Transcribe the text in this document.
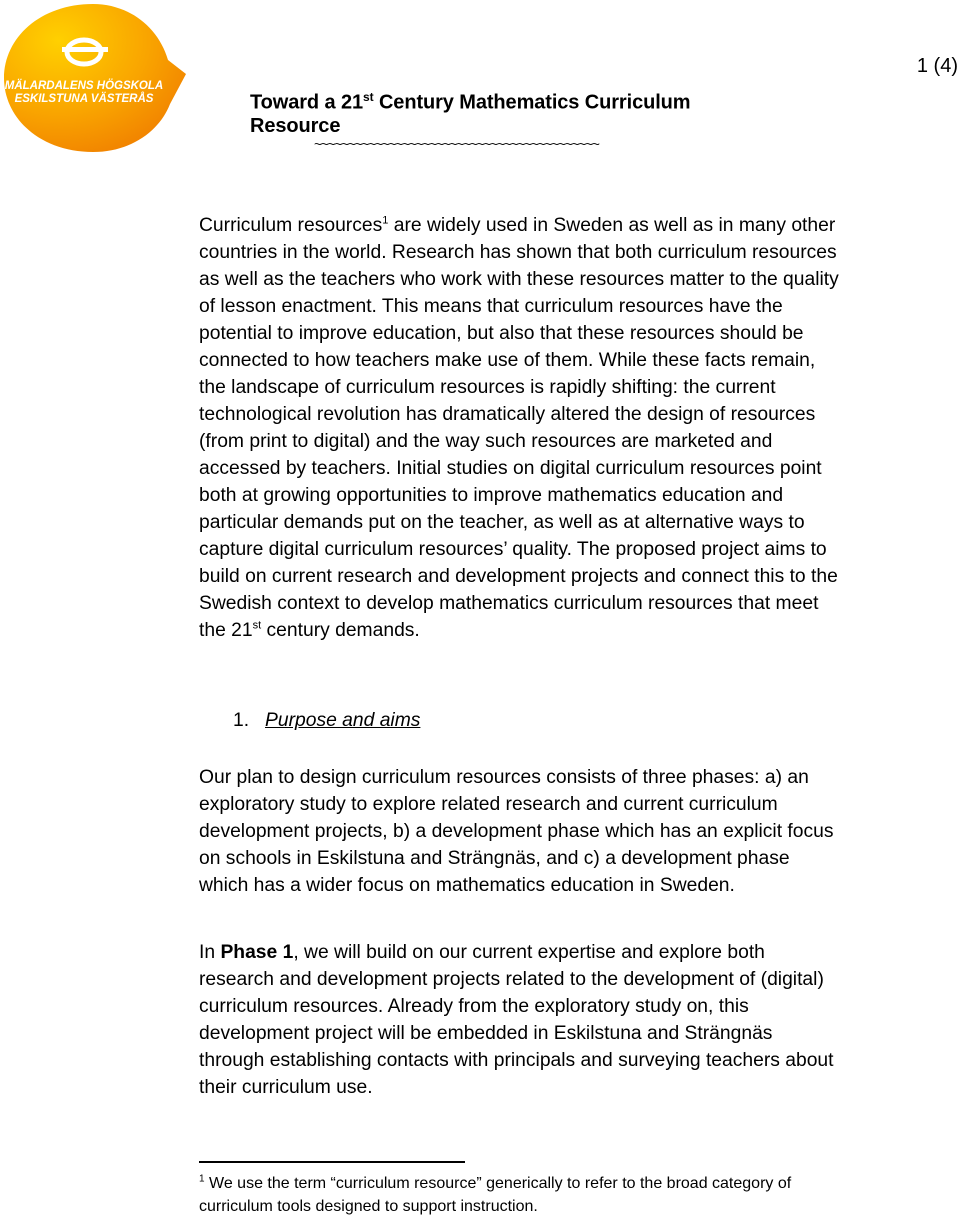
MÄLARDALENS HÖGSKOLA
ESKILSTUNA VÄSTERÅS
1 (4)
Toward a 21st Century Mathematics Curriculum Resource
~~~~~~~~~~~~~~~~~~~~~~~~~~~~~~~~~~~~~~~~~~

Curriculum resources$^1$ are widely used in Sweden as well as in many other countries in the world. Research has shown that both curriculum resources as well as the teachers who work with these resources matter to the quality of lesson enactment. This means that curriculum resources have the potential to improve education, but also that these resources should be connected to how teachers make use of them. While these facts remain, the landscape of curriculum resources is rapidly shifting: the current technological revolution has dramatically altered the design of resources (from print to digital) and the way such resources are marketed and accessed by teachers. Initial studies on digital curriculum resources point both at growing opportunities to improve mathematics education and particular demands put on the teacher, as well as at alternative ways to capture digital curriculum resources’ quality. The proposed project aims to build on current research and development projects and connect this to the Swedish context to develop mathematics curriculum resources that meet the 21st century demands.

1. Purpose and aims

Our plan to design curriculum resources consists of three phases: a) an exploratory study to explore related research and current curriculum development projects, b) a development phase which has an explicit focus on schools in Eskilstuna and Strängnäs, and c) a development phase which has a wider focus on mathematics education in Sweden.

In Phase 1, we will build on our current expertise and explore both research and development projects related to the development of (digital) curriculum resources. Already from the exploratory study on, this development project will be embedded in Eskilstuna and Strängnäs through establishing contacts with principals and surveying teachers about their curriculum use.

$^1$ We use the term “curriculum resource” generically to refer to the broad category of curriculum tools designed to support instruction.
